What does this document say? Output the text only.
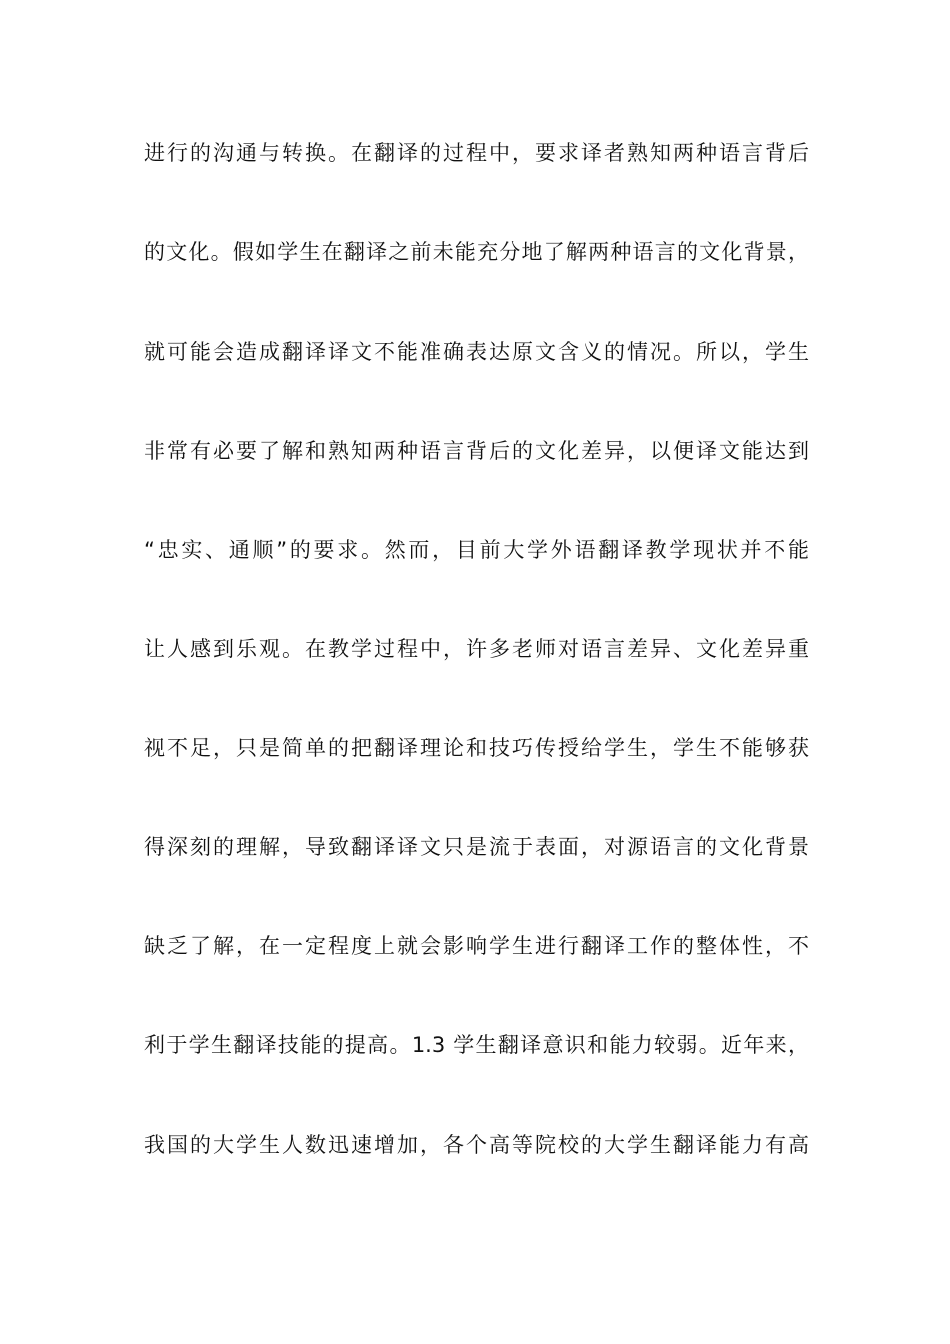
进行的沟通与转换。在翻译的过程中，要求译者熟知两种语言背后
的文化。假如学生在翻译之前未能充分地了解两种语言的文化背景，
就可能会造成翻译译文不能准确表达原文含义的情况。所以，学生
非常有必要了解和熟知两种语言背后的文化差异，以便译文能达到
“忠实、通顺”的要求。然而，目前大学外语翻译教学现状并不能
让人感到乐观。在教学过程中，许多老师对语言差异、文化差异重
视不足，只是简单的把翻译理论和技巧传授给学生，学生不能够获
得深刻的理解，导致翻译译文只是流于表面，对源语言的文化背景
缺乏了解，在一定程度上就会影响学生进行翻译工作的整体性，不
利于学生翻译技能的提高。1.3 学生翻译意识和能力较弱。近年来，
我国的大学生人数迅速增加，各个高等院校的大学生翻译能力有高
